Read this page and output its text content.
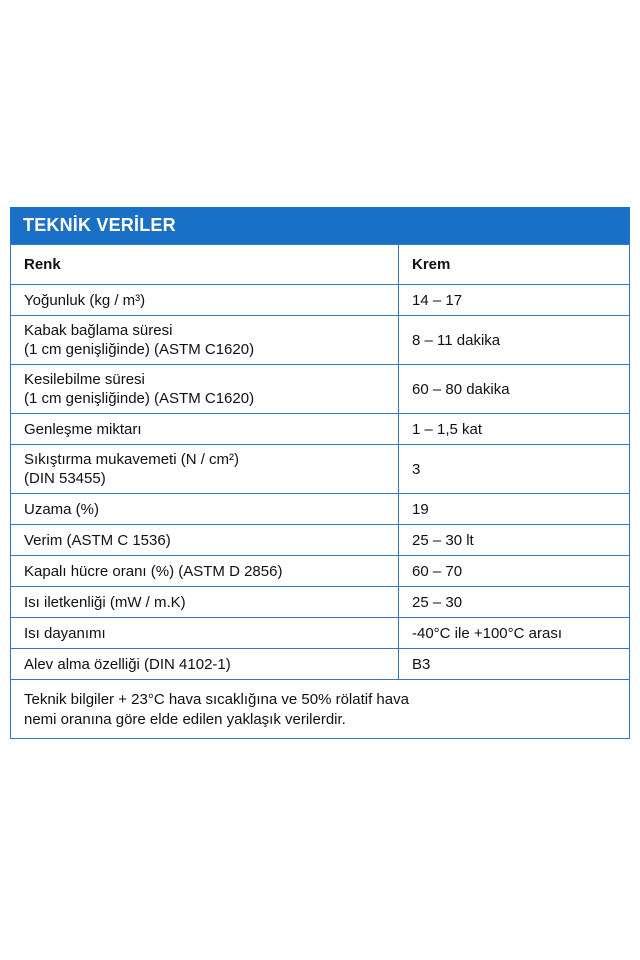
TEKNİK VERİLER
Renk	Krem
Yoğunluk (kg / m³)	14 – 17
Kabak bağlama süresi
(1 cm genişliğinde) (ASTM C1620)	8 – 11 dakika
Kesilebilme süresi
(1 cm genişliğinde) (ASTM C1620)	60 – 80 dakika
Genleşme miktarı	1 – 1,5 kat
Sıkıştırma mukavemeti (N / cm²)
(DIN 53455)	3
Uzama (%)	19
Verim (ASTM C 1536)	25 – 30 lt
Kapalı hücre oranı (%) (ASTM D 2856)	60 – 70
Isı iletkenliği (mW / m.K)	25 – 30
Isı dayanımı	-40°C ile +100°C arası
Alev alma özelliği (DIN 4102-1)	B3
Teknik bilgiler + 23°C hava sıcaklığına ve 50% rölatif hava
nemi oranına göre elde edilen yaklaşık verilerdir.	
